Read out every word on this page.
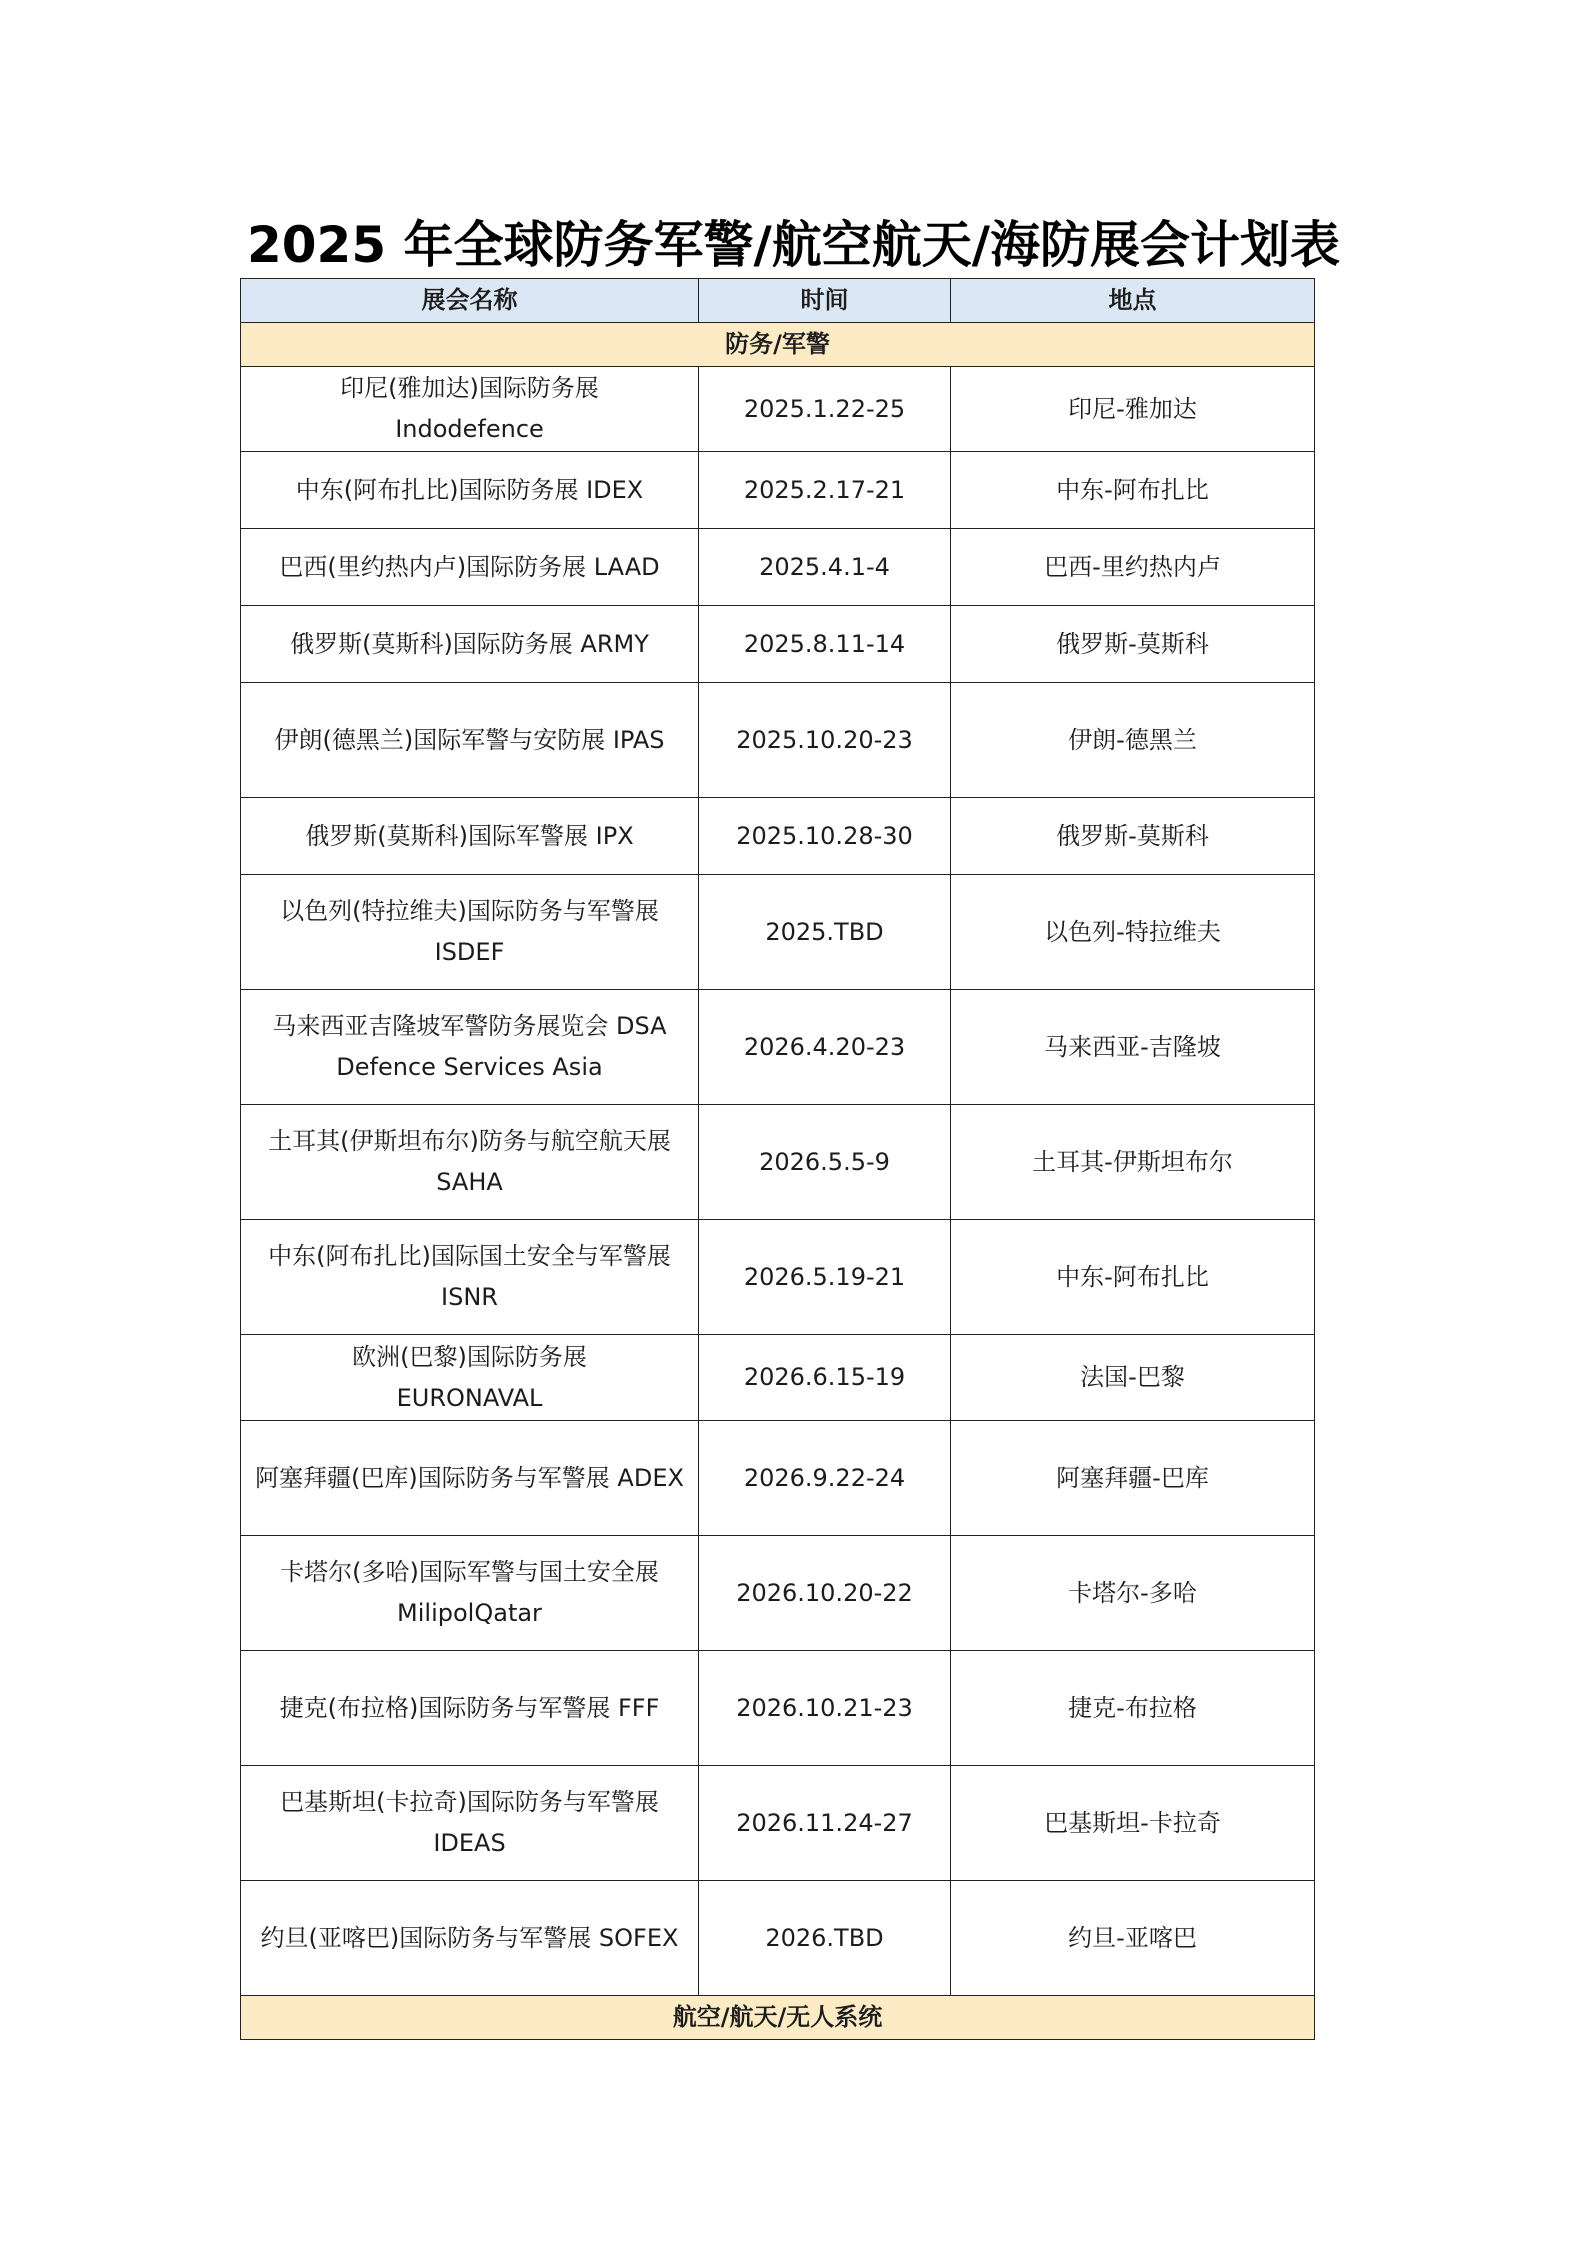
2025 年全球防务军警/航空航天/海防展会计划表
展会名称	时间	地点
防务/军警		

印尼(雅加达)国际防务展
Indodefence	2025.1.22-25	印尼-雅加达

中东(阿布扎比)国际防务展 IDEX	2025.2.17-21	中东-阿布扎比

巴西(里约热内卢)国际防务展 LAAD	2025.4.1-4	巴西-里约热内卢

俄罗斯(莫斯科)国际防务展 ARMY	2025.8.11-14	俄罗斯-莫斯科

伊朗(德黑兰)国际军警与安防展 IPAS	2025.10.20-23	伊朗-德黑兰

俄罗斯(莫斯科)国际军警展 IPX	2025.10.28-30	俄罗斯-莫斯科

以色列(特拉维夫)国际防务与军警展
ISDEF	2025.TBD	以色列-特拉维夫

马来西亚吉隆坡军警防务展览会 DSA
Defence Services Asia	2026.4.20-23	马来西亚-吉隆坡

土耳其(伊斯坦布尔)防务与航空航天展
SAHA	2026.5.5-9	土耳其-伊斯坦布尔

中东(阿布扎比)国际国土安全与军警展
ISNR	2026.5.19-21	中东-阿布扎比

欧洲(巴黎)国际防务展
EURONAVAL	2026.6.15-19	法国-巴黎

阿塞拜疆(巴库)国际防务与军警展 ADEX	2026.9.22-24	阿塞拜疆-巴库

卡塔尔(多哈)国际军警与国土安全展
MilipolQatar	2026.10.20-22	卡塔尔-多哈

捷克(布拉格)国际防务与军警展 FFF	2026.10.21-23	捷克-布拉格

巴基斯坦(卡拉奇)国际防务与军警展
IDEAS	2026.11.24-27	巴基斯坦-卡拉奇

约旦(亚喀巴)国际防务与军警展 SOFEX	2026.TBD	约旦-亚喀巴
航空/航天/无人系统		
